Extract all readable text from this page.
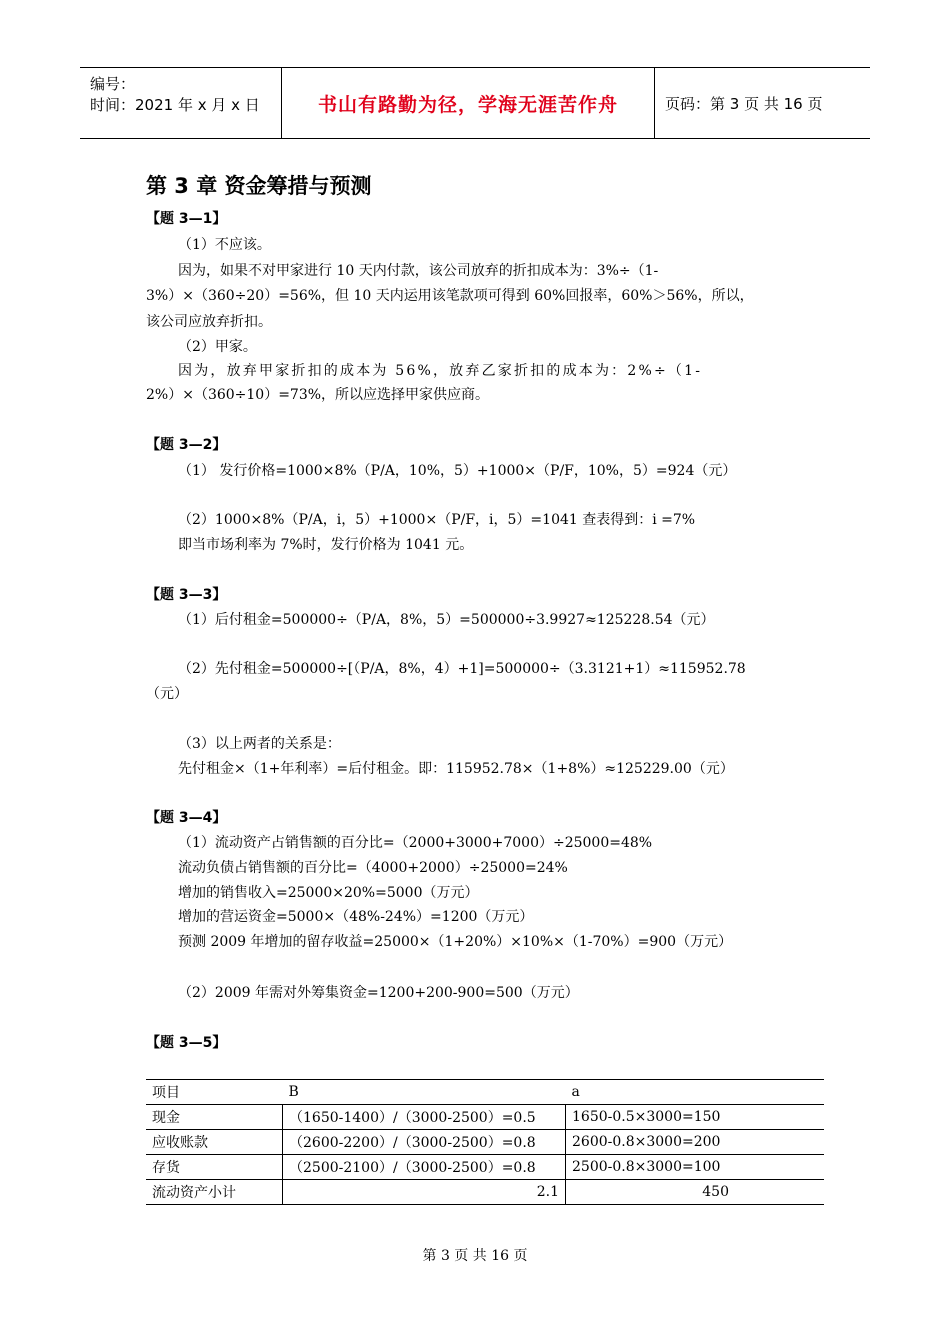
编号：
时间：2021 年 x 月 x 日	书山有路勤为径，学海无涯苦作舟	页码：第 3 页 共 16 页
第 3 章 资金筹措与预测
【题 3—1】
（1）不应该。
因为，如果不对甲家进行 10 天内付款，该公司放弃的折扣成本为：3%÷（1-
3%）×（360÷20）=56%，但 10 天内运用该笔款项可得到 60%回报率，60%＞56%，所以，
该公司应放弃折扣。
（2）甲家。
因为，放弃甲家折扣的成本为 56%，放弃乙家折扣的成本为：2%÷（1-
2%）×（360÷10）=73%，所以应选择甲家供应商。
【题 3—2】
（1） 发行价格=1000×8%（P/A，10%，5）+1000×（P/F，10%，5）=924（元）
（2）1000×8%（P/A，i，5）+1000×（P/F，i，5）=1041 查表得到：i =7%
即当市场利率为 7%时，发行价格为 1041 元。
【题 3—3】
（1）后付租金=500000÷（P/A，8%，5）=500000÷3.9927≈125228.54（元）
（2）先付租金=500000÷[（P/A，8%，4）+1]=500000÷（3.3121+1）≈115952.78
（元）
（3）以上两者的关系是：
先付租金×（1+年利率）=后付租金。即：115952.78×（1+8%）≈125229.00（元）
【题 3—4】
（1）流动资产占销售额的百分比=（2000+3000+7000）÷25000=48%
流动负债占销售额的百分比=（4000+2000）÷25000=24%
增加的销售收入=25000×20%=5000（万元）
增加的营运资金=5000×（48%-24%）=1200（万元）
预测 2009 年增加的留存收益=25000×（1+20%）×10%×（1-70%）=900（万元）
（2）2009 年需对外筹集资金=1200+200-900=500（万元）
【题 3—5】
项目	B	a
现金	（1650-1400）/（3000-2500）=0.5	1650-0.5×3000=150
应收账款	（2600-2200）/（3000-2500）=0.8	2600-0.8×3000=200
存货	（2500-2100）/（3000-2500）=0.8	2500-0.8×3000=100
流动资产小计	2.1	450
第 3 页 共 16 页
